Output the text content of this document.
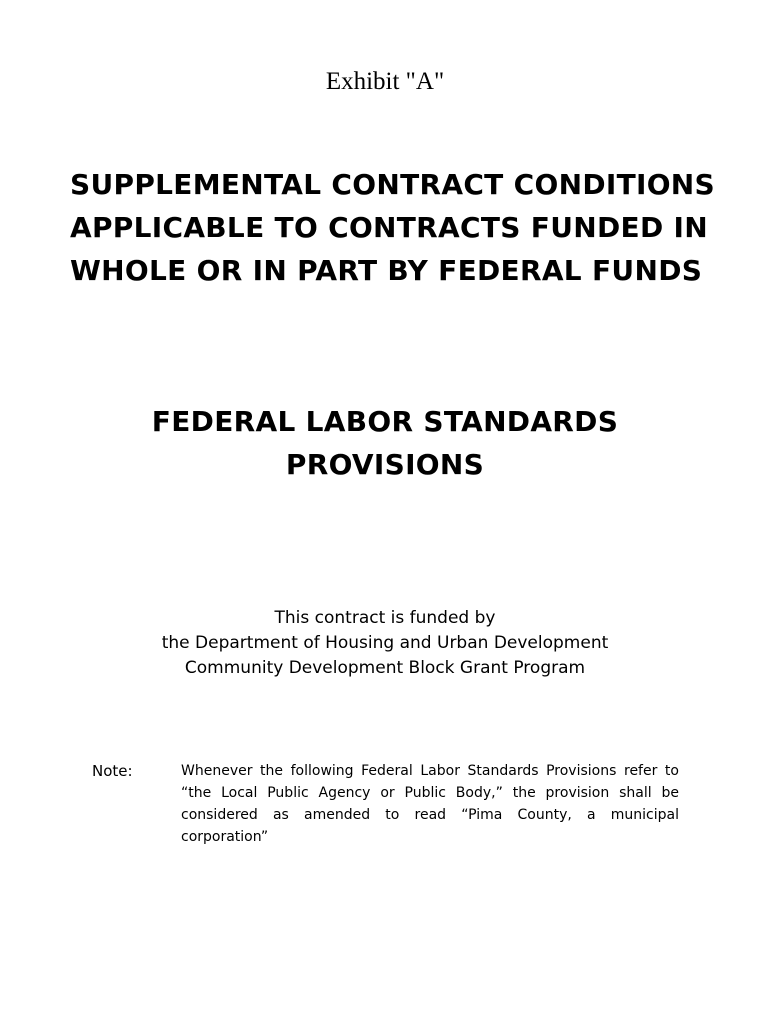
Exhibit "A"
SUPPLEMENTAL CONTRACT CONDITIONS
APPLICABLE TO CONTRACTS FUNDED IN
WHOLE OR IN PART BY FEDERAL FUNDS
FEDERAL LABOR STANDARDS
PROVISIONS
This contract is funded by
the Department of Housing and Urban Development
Community Development Block Grant Program
Note:	Whenever the following Federal Labor Standards Provisions refer to “the Local Public Agency or Public Body,” the provision shall be considered as amended to read “Pima County, a municipal corporation”
